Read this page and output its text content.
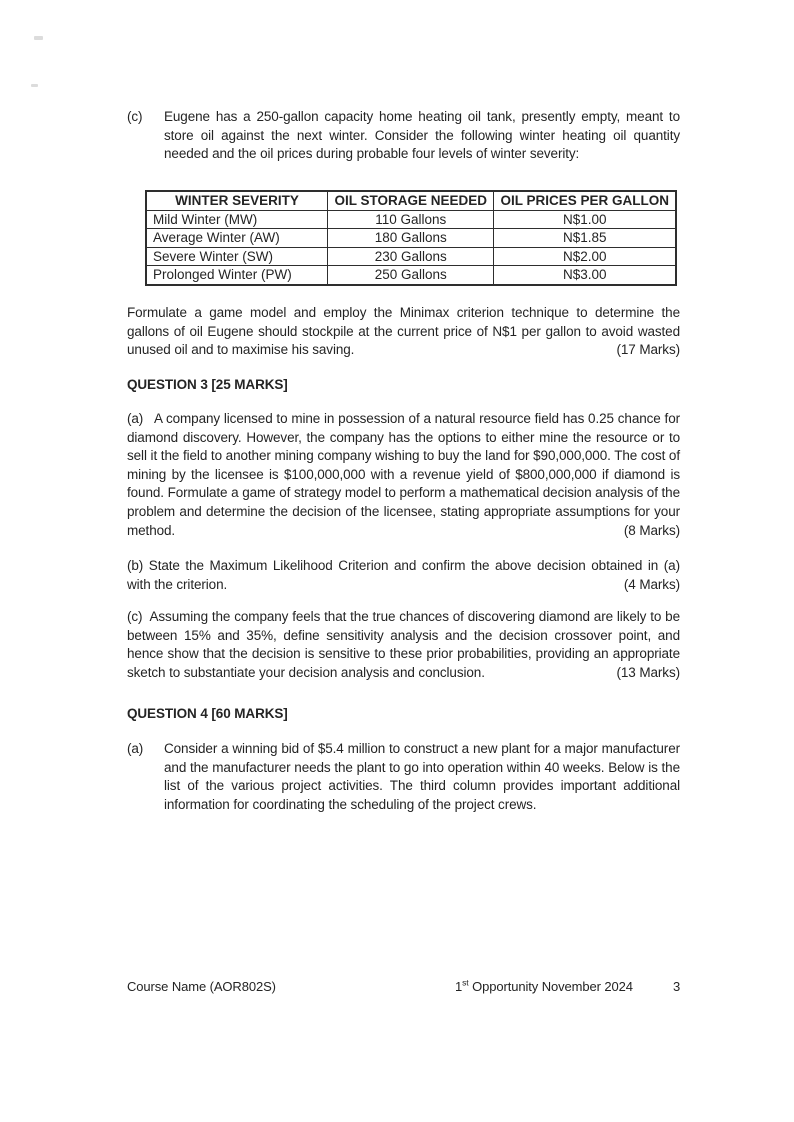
(c) Eugene has a 250-gallon capacity home heating oil tank, presently empty, meant to store oil against the next winter. Consider the following winter heating oil quantity needed and the oil prices during probable four levels of winter severity:
WINTER SEVERITY	OIL STORAGE NEEDED	OIL PRICES PER GALLON
Mild Winter (MW)	110 Gallons	N$1.00
Average Winter (AW)	180 Gallons	N$1.85
Severe Winter (SW)	230 Gallons	N$2.00
Prolonged Winter (PW)	250 Gallons	N$3.00
Formulate a game model and employ the Minimax criterion technique to determine the gallons of oil Eugene should stockpile at the current price of N$1 per gallon to avoid wasted unused oil and to maximise his saving.	(17 Marks)
QUESTION 3 [25 MARKS]
(a)   A company licensed to mine in possession of a natural resource field has 0.25 chance for diamond discovery. However, the company has the options to either mine the resource or to sell it the field to another mining company wishing to buy the land for $90,000,000. The cost of mining by the licensee is $100,000,000 with a revenue yield of $800,000,000 if diamond is found. Formulate a game of strategy model to perform a mathematical decision analysis of the problem and determine the decision of the licensee, stating appropriate assumptions for your method.	(8 Marks)
(b) State the Maximum Likelihood Criterion and confirm the above decision obtained in (a) with the criterion.	(4 Marks)
(c)  Assuming the company feels that the true chances of discovering diamond are likely to be between 15% and 35%, define sensitivity analysis and the decision crossover point, and hence show that the decision is sensitive to these prior probabilities, providing an appropriate sketch to substantiate your decision analysis and conclusion.	(13 Marks)
QUESTION 4 [60 MARKS]
(a) Consider a winning bid of $5.4 million to construct a new plant for a major manufacturer and the manufacturer needs the plant to go into operation within 40 weeks. Below is the list of the various project activities. The third column provides important additional information for coordinating the scheduling of the project crews.
Course Name (AOR802S)	1st Opportunity November 2024	3
